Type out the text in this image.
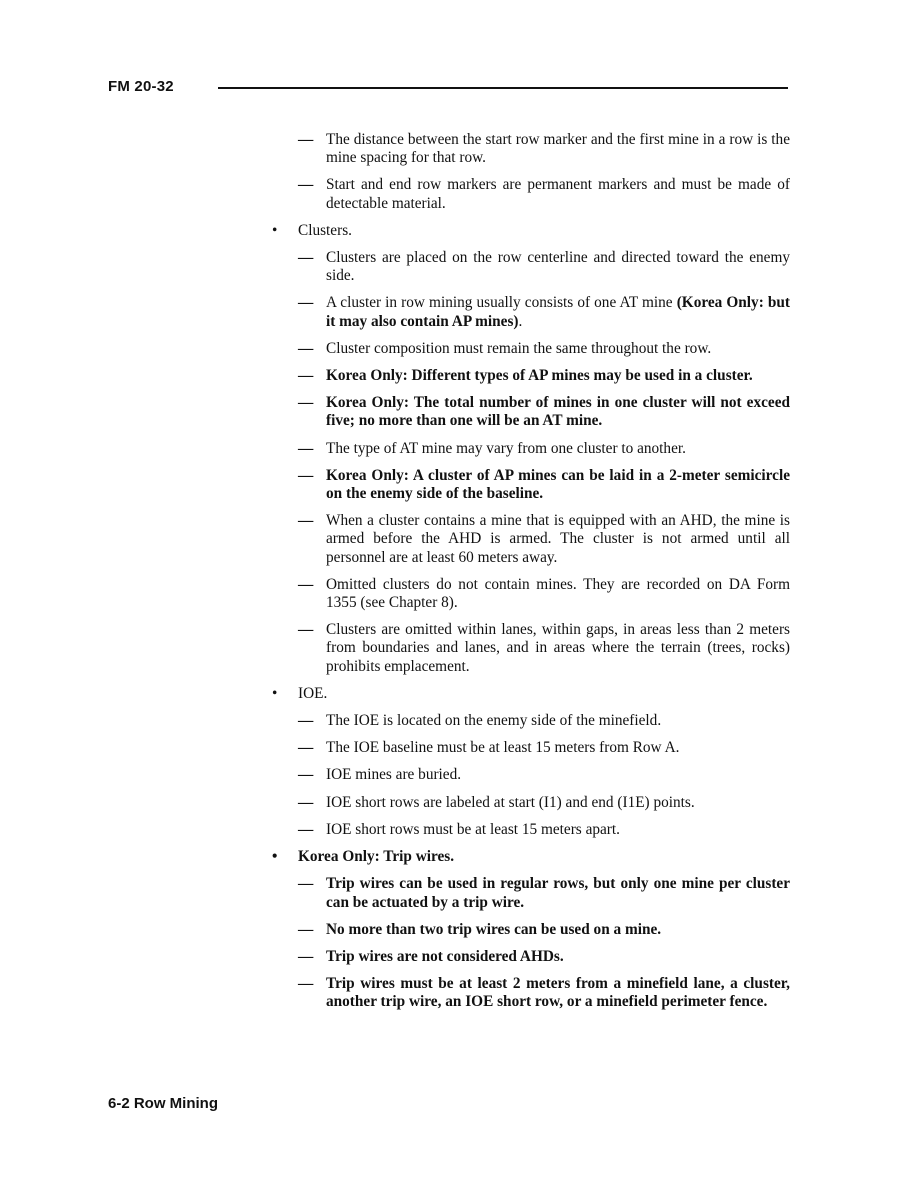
FM 20-32
— The distance between the start row marker and the first mine in a row is the mine spacing for that row.
— Start and end row markers are permanent markers and must be made of detectable material.
• Clusters.
— Clusters are placed on the row centerline and directed toward the enemy side.
— A cluster in row mining usually consists of one AT mine (Korea Only: but it may also contain AP mines).
— Cluster composition must remain the same throughout the row.
— Korea Only: Different types of AP mines may be used in a cluster.
— Korea Only: The total number of mines in one cluster will not exceed five; no more than one will be an AT mine.
— The type of AT mine may vary from one cluster to another.
— Korea Only: A cluster of AP mines can be laid in a 2-meter semicircle on the enemy side of the baseline.
— When a cluster contains a mine that is equipped with an AHD, the mine is armed before the AHD is armed. The cluster is not armed until all personnel are at least 60 meters away.
— Omitted clusters do not contain mines. They are recorded on DA Form 1355 (see Chapter 8).
— Clusters are omitted within lanes, within gaps, in areas less than 2 meters from boundaries and lanes, and in areas where the terrain (trees, rocks) prohibits emplacement.
• IOE.
— The IOE is located on the enemy side of the minefield.
— The IOE baseline must be at least 15 meters from Row A.
— IOE mines are buried.
— IOE short rows are labeled at start (I1) and end (I1E) points.
— IOE short rows must be at least 15 meters apart.
• Korea Only: Trip wires.
— Trip wires can be used in regular rows, but only one mine per cluster can be actuated by a trip wire.
— No more than two trip wires can be used on a mine.
— Trip wires are not considered AHDs.
— Trip wires must be at least 2 meters from a minefield lane, a cluster, another trip wire, an IOE short row, or a minefield perimeter fence.
6-2 Row Mining
